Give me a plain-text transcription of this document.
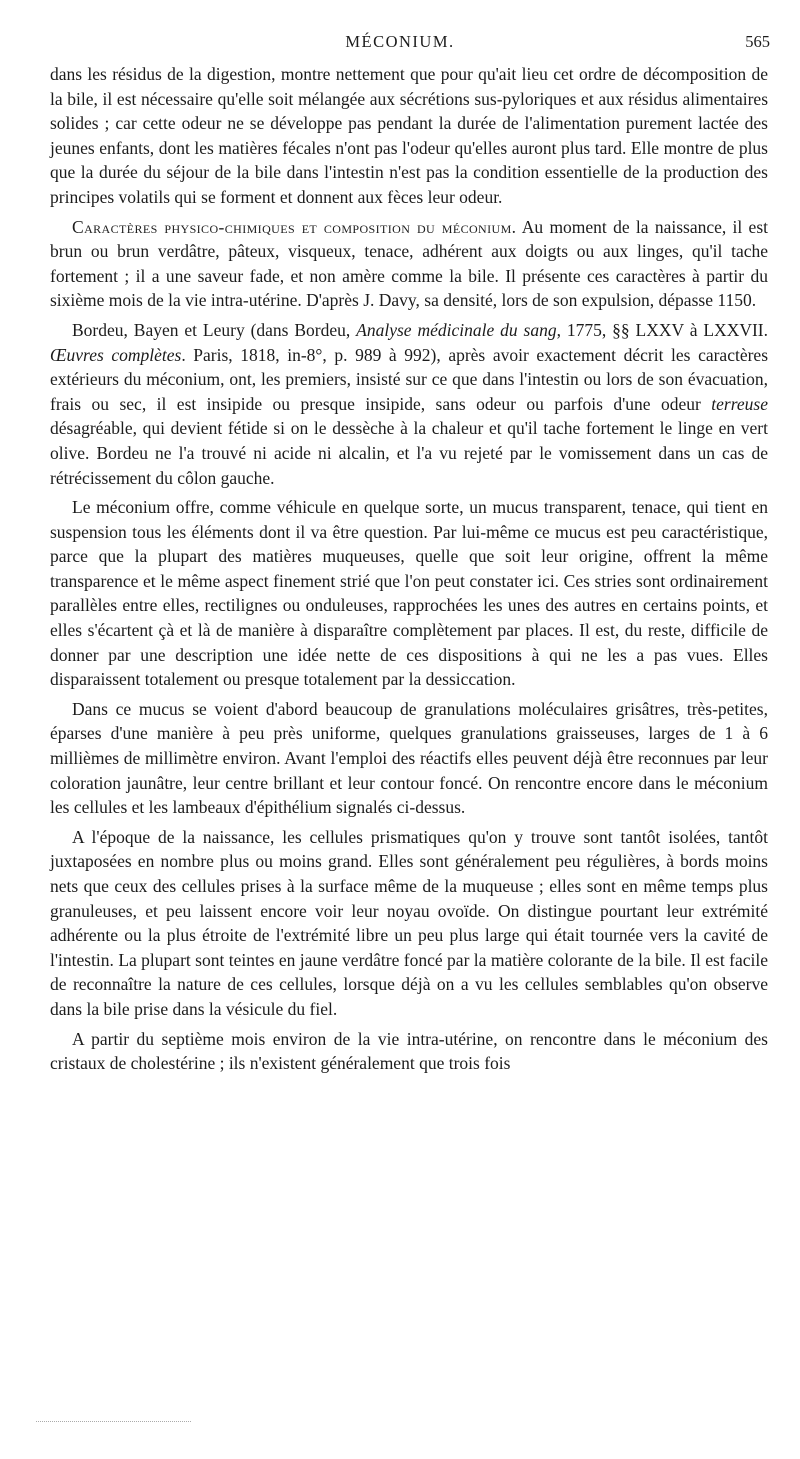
MÉCONIUM.	565

dans les résidus de la digestion, montre nettement que pour qu'ait lieu cet ordre de décomposition de la bile, il est nécessaire qu'elle soit mélangée aux sécrétions sus-pyloriques et aux résidus alimentaires solides ; car cette odeur ne se développe pas pendant la durée de l'alimentation purement lactée des jeunes enfants, dont les matières fécales n'ont pas l'odeur qu'elles auront plus tard. Elle montre de plus que la durée du séjour de la bile dans l'intestin n'est pas la condition essentielle de la production des principes volatils qui se forment et donnent aux fèces leur odeur.

Caractères physico-chimiques et composition du méconium. Au moment de la naissance, il est brun ou brun verdâtre, pâteux, visqueux, tenace, adhérent aux doigts ou aux linges, qu'il tache fortement ; il a une saveur fade, et non amère comme la bile. Il présente ces caractères à partir du sixième mois de la vie intra-utérine. D'après J. Davy, sa densité, lors de son expulsion, dépasse 1150.

Bordeu, Bayen et Leury (dans Bordeu, Analyse médicinale du sang, 1775, §§ LXXV à LXXVII. Œuvres complètes. Paris, 1818, in-8°, p. 989 à 992), après avoir exactement décrit les caractères extérieurs du méconium, ont, les premiers, insisté sur ce que dans l'intestin ou lors de son évacuation, frais ou sec, il est insipide ou presque insipide, sans odeur ou parfois d'une odeur terreuse désagréable, qui devient fétide si on le dessèche à la chaleur et qu'il tache fortement le linge en vert olive. Bordeu ne l'a trouvé ni acide ni alcalin, et l'a vu rejeté par le vomissement dans un cas de rétrécissement du côlon gauche.

Le méconium offre, comme véhicule en quelque sorte, un mucus transparent, tenace, qui tient en suspension tous les éléments dont il va être question. Par lui-même ce mucus est peu caractéristique, parce que la plupart des matières muqueuses, quelle que soit leur origine, offrent la même transparence et le même aspect finement strié que l'on peut constater ici. Ces stries sont ordinairement parallèles entre elles, rectilignes ou onduleuses, rapprochées les unes des autres en certains points, et elles s'écartent çà et là de manière à disparaître complètement par places. Il est, du reste, difficile de donner par une description une idée nette de ces dispositions à qui ne les a pas vues. Elles disparaissent totalement ou presque totalement par la dessiccation.

Dans ce mucus se voient d'abord beaucoup de granulations moléculaires grisâtres, très-petites, éparses d'une manière à peu près uniforme, quelques granulations graisseuses, larges de 1 à 6 millièmes de millimètre environ. Avant l'emploi des réactifs elles peuvent déjà être reconnues par leur coloration jaunâtre, leur centre brillant et leur contour foncé. On rencontre encore dans le méconium les cellules et les lambeaux d'épithélium signalés ci-dessus.

A l'époque de la naissance, les cellules prismatiques qu'on y trouve sont tantôt isolées, tantôt juxtaposées en nombre plus ou moins grand. Elles sont généralement peu régulières, à bords moins nets que ceux des cellules prises à la surface même de la muqueuse ; elles sont en même temps plus granuleuses, et peu laissent encore voir leur noyau ovoïde. On distingue pourtant leur extrémité adhérente ou la plus étroite de l'extrémité libre un peu plus large qui était tournée vers la cavité de l'intestin. La plupart sont teintes en jaune verdâtre foncé par la matière colorante de la bile. Il est facile de reconnaître la nature de ces cellules, lorsque déjà on a vu les cellules semblables qu'on observe dans la bile prise dans la vésicule du fiel.

A partir du septième mois environ de la vie intra-utérine, on rencontre dans le méconium des cristaux de cholestérine ; ils n'existent généralement que trois fois
